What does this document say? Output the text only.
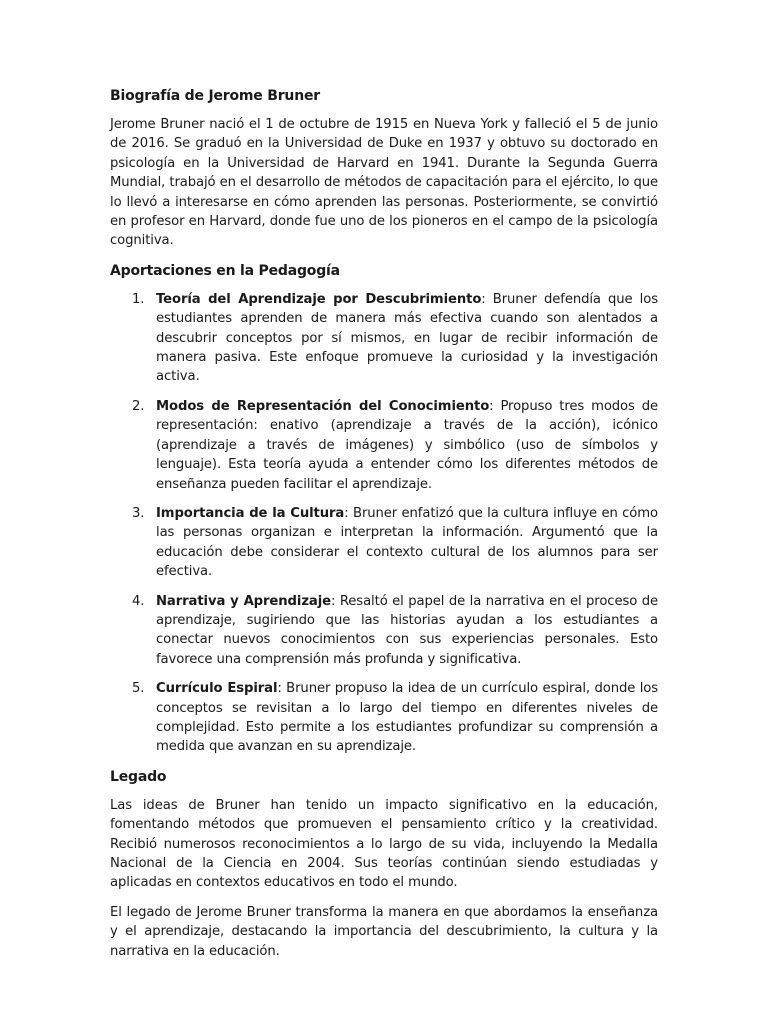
Biografía de Jerome Bruner

Jerome Bruner nació el 1 de octubre de 1915 en Nueva York y falleció el 5 de junio de 2016. Se graduó en la Universidad de Duke en 1937 y obtuvo su doctorado en psicología en la Universidad de Harvard en 1941. Durante la Segunda Guerra Mundial, trabajó en el desarrollo de métodos de capacitación para el ejército, lo que lo llevó a interesarse en cómo aprenden las personas. Posteriormente, se convirtió en profesor en Harvard, donde fue uno de los pioneros en el campo de la psicología cognitiva.

Aportaciones en la Pedagogía
1. Teoría del Aprendizaje por Descubrimiento: Bruner defendía que los estudiantes aprenden de manera más efectiva cuando son alentados a descubrir conceptos por sí mismos, en lugar de recibir información de manera pasiva. Este enfoque promueve la curiosidad y la investigación activa.
2. Modos de Representación del Conocimiento: Propuso tres modos de representación: enativo (aprendizaje a través de la acción), icónico (aprendizaje a través de imágenes) y simbólico (uso de símbolos y lenguaje). Esta teoría ayuda a entender cómo los diferentes métodos de enseñanza pueden facilitar el aprendizaje.
3. Importancia de la Cultura: Bruner enfatizó que la cultura influye en cómo las personas organizan e interpretan la información. Argumentó que la educación debe considerar el contexto cultural de los alumnos para ser efectiva.
4. Narrativa y Aprendizaje: Resaltó el papel de la narrativa en el proceso de aprendizaje, sugiriendo que las historias ayudan a los estudiantes a conectar nuevos conocimientos con sus experiencias personales. Esto favorece una comprensión más profunda y significativa.
5. Currículo Espiral: Bruner propuso la idea de un currículo espiral, donde los conceptos se revisitan a lo largo del tiempo en diferentes niveles de complejidad. Esto permite a los estudiantes profundizar su comprensión a medida que avanzan en su aprendizaje.
Legado

Las ideas de Bruner han tenido un impacto significativo en la educación, fomentando métodos que promueven el pensamiento crítico y la creatividad. Recibió numerosos reconocimientos a lo largo de su vida, incluyendo la Medalla Nacional de la Ciencia en 2004. Sus teorías continúan siendo estudiadas y aplicadas en contextos educativos en todo el mundo.

El legado de Jerome Bruner transforma la manera en que abordamos la enseñanza y el aprendizaje, destacando la importancia del descubrimiento, la cultura y la narrativa en la educación.
